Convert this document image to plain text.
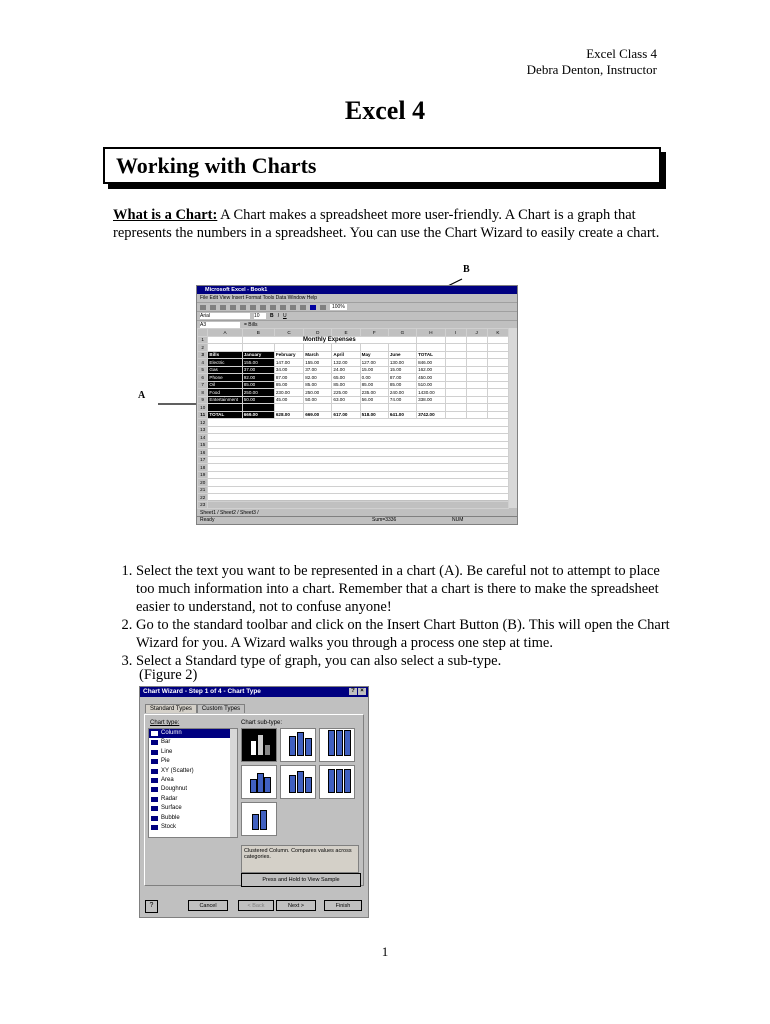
Excel Class 4
Debra Denton, Instructor
Excel 4
Working with Charts
What is a Chart: A Chart makes a spreadsheet more user-friendly. A Chart is a graph that represents the numbers in a spreadsheet. You can use the Chart Wizard to easily create a chart.
B
A
Microsoft Excel - Book1
File Edit View Insert Format Tools Data Window Help
100%
Arial	10	B I U
A3	= Bills
	A	B	C	D	E	F	G	H	I	J	K
1		Monthly Expenses									
2											
3	Bills	January	February	March	April	May	June	TOTAL			
4	Electric	155.00	147.00	155.00	132.00	127.00	130.00	846.00			
5	Gas	37.00	34.00	37.00	24.00	15.00	15.00	162.00			
6	Phone	92.00	87.00	82.00	65.00	0.00	87.00	450.00			
7	Oil	85.00	85.00	85.00	85.00	85.00	85.00	510.00			
8	Food	250.00	230.00	250.00	225.00	235.00	240.00	1430.00			
9	Entertainment	50.00	45.00	50.00	63.00	56.00	74.00	338.00			
10											
11	TOTAL	669.00	628.00	669.00	617.00	518.00	641.00	3742.00			
12											
13											
14											
15											
16											
17											
18											
19											
20											
21											
22											
23											
Sheet1 / Sheet2 / Sheet3 /
Ready	Sum=3336	NUM
1. Select the text you want to be represented in a chart (A). Be careful not to attempt to place too much information into a chart. Remember that a chart is there to make the spreadsheet easier to understand, not to confuse anyone!
2. Go to the standard toolbar and click on the Insert Chart Button (B). This will open the Chart Wizard for you. A Wizard walks you through a process one step at time.
3. Select a Standard type of graph, you can also select a sub-type.
(Figure 2)
Chart Wizard - Step 1 of 4 - Chart Type	? ×
Standard Types	Custom Types
Chart type:	Chart sub-type:
Column
Bar
Line
Pie
XY (Scatter)
Area
Doughnut
Radar
Surface
Bubble
Stock
Clustered Column. Compares values across categories.
Press and Hold to View Sample
?	Cancel	< Back	Next >	Finish
1
